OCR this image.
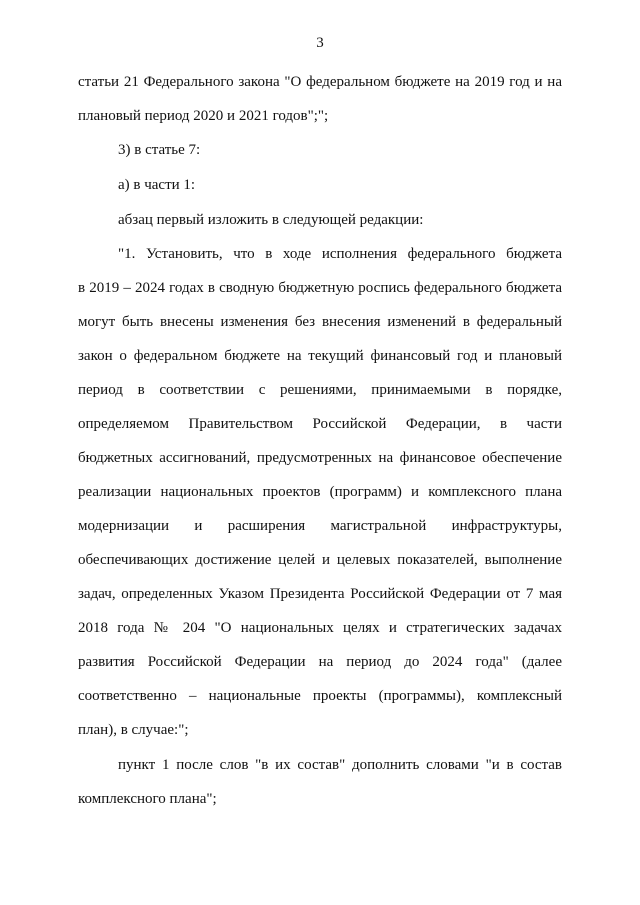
3
статьи 21 Федерального закона "О федеральном бюджете на 2019 год и на
плановый период 2020 и 2021 годов";";
3) в статье 7:
а) в части 1:
абзац первый изложить в следующей редакции:
"1. Установить, что в ходе исполнения федерального бюджета
в 2019 – 2024 годах в сводную бюджетную роспись федерального бюджета
могут быть внесены изменения без внесения изменений в федеральный
закон о федеральном бюджете на текущий финансовый год и плановый
период в соответствии с решениями, принимаемыми в порядке,
определяемом Правительством Российской Федерации, в части
бюджетных ассигнований, предусмотренных на финансовое обеспечение
реализации национальных проектов (программ) и комплексного плана
модернизации и расширения магистральной инфраструктуры,
обеспечивающих достижение целей и целевых показателей, выполнение
задач, определенных Указом Президента Российской Федерации от 7 мая
2018 года № 204 "О национальных целях и стратегических задачах
развития Российской Федерации на период до 2024 года" (далее
соответственно – национальные проекты (программы), комплексный
план), в случае:";
пункт 1 после слов "в их состав" дополнить словами "и в состав
комплексного плана";
